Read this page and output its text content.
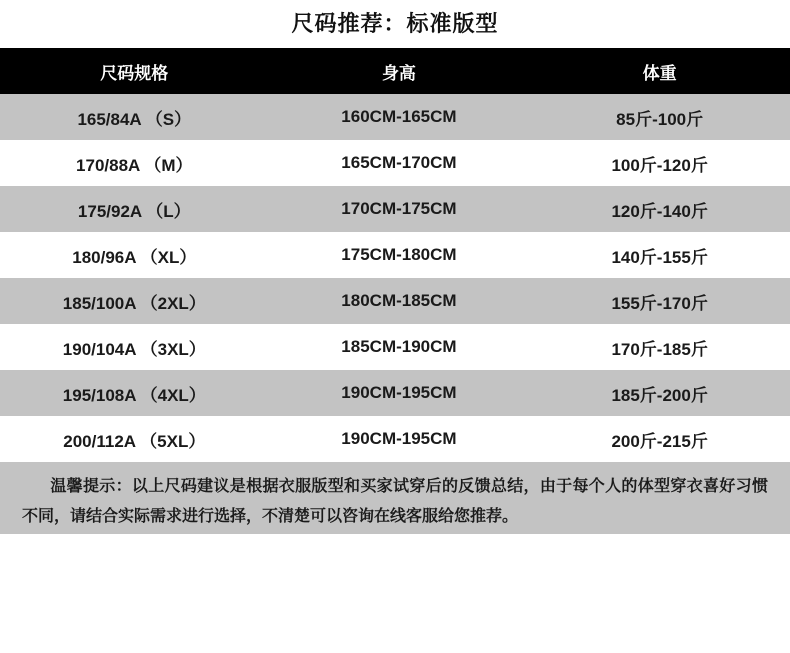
尺码推荐：标准版型
尺码规格	身高	体重
165/84A （S）	160CM-165CM	85斤-100斤
170/88A （M）	165CM-170CM	100斤-120斤
175/92A （L）	170CM-175CM	120斤-140斤
180/96A （XL）	175CM-180CM	140斤-155斤
185/100A （2XL）	180CM-185CM	155斤-170斤
190/104A （3XL）	185CM-190CM	170斤-185斤
195/108A （4XL）	190CM-195CM	185斤-200斤
200/112A （5XL）	190CM-195CM	200斤-215斤
温馨提示：以上尺码建议是根据衣服版型和买家试穿后的反馈总结，由于每个人的体型穿衣喜好习惯不同，请结合实际需求进行选择，不清楚可以咨询在线客服给您推荐。
